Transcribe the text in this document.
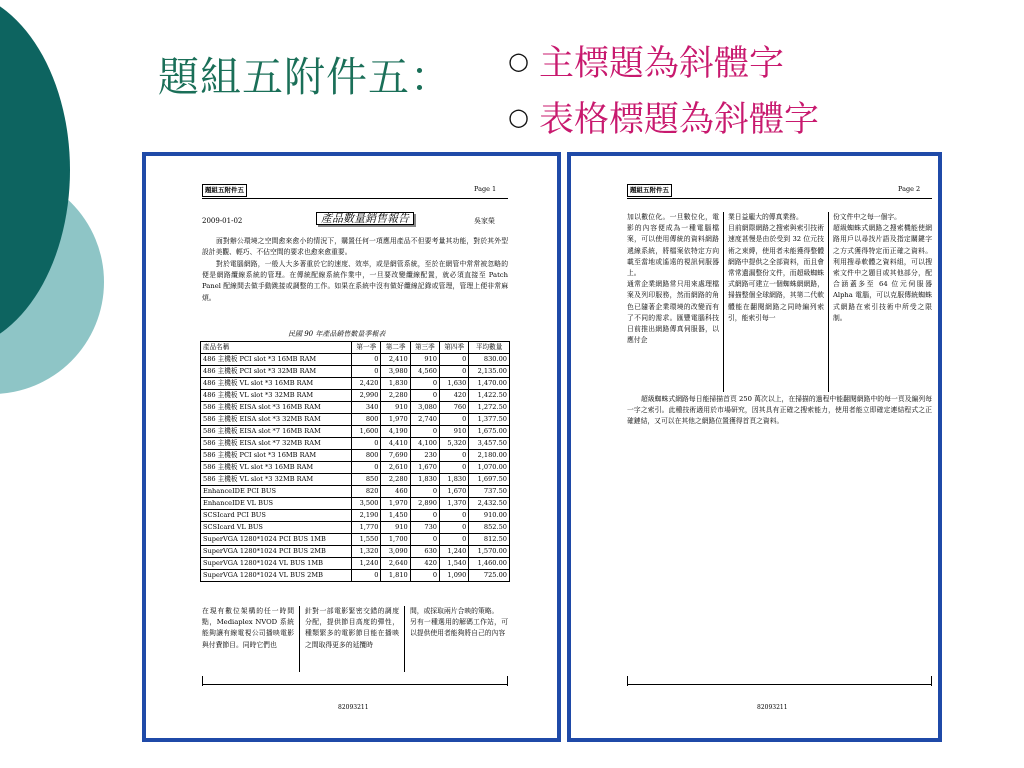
題組五附件五： ○ 主標題為斜體字
○ 表格標題為斜體字
題組五附件五	Page 1
2009-01-02	產品數量銷售報告	吳家榮
面對辦公環境之空間愈來愈小的情況下，購置任何一項應用產品不但要考量其功能，對於其外型設計美觀、輕巧、不佔空間的要求也愈來愈重要。
對於電腦網路，一般人大多著重於它的速度、效率，或是網管系統，至於在網管中常常被忽略的便是網路纜線系統的管理。在傳統配線系統作業中，一旦要改變纜線配置，就必須直接至 Patch Panel 配線間去做手動跳接或調整的工作。如果在系統中沒有做好纜線記錄或管理，管理上便非常麻煩。
民國 90 年產品銷售數量季報表
產品名稱	第一季	第二季	第三季	第四季	平均數量
486 主機板 PCI slot *3 16MB RAM	0	2,410	910	0	830.00
486 主機板 PCI slot *3 32MB RAM	0	3,980	4,560	0	2,135.00
486 主機板 VL slot *3 16MB RAM	2,420	1,830	0	1,630	1,470.00
486 主機板 VL slot *3 32MB RAM	2,990	2,280	0	420	1,422.50
586 主機板 EISA slot *3 16MB RAM	340	910	3,080	760	1,272.50
586 主機板 EISA slot *3 32MB RAM	800	1,970	2,740	0	1,377.50
586 主機板 EISA slot *7 16MB RAM	1,600	4,190	0	910	1,675.00
586 主機板 EISA slot *7 32MB RAM	0	4,410	4,100	5,320	3,457.50
586 主機板 PCI slot *3 16MB RAM	800	7,690	230	0	2,180.00
586 主機板 VL slot *3 16MB RAM	0	2,610	1,670	0	1,070.00
586 主機板 VL slot *3 32MB RAM	850	2,280	1,830	1,830	1,697.50
EnhanceIDE PCI BUS	820	460	0	1,670	737.50
EnhanceIDE VL BUS	3,500	1,970	2,890	1,370	2,432.50
SCSIcard PCI BUS	2,190	1,450	0	0	910.00
SCSIcard VL BUS	1,770	910	730	0	852.50
SuperVGA 1280*1024 PCI BUS 1MB	1,550	1,700	0	0	812.50
SuperVGA 1280*1024 PCI BUS 2MB	1,320	3,090	630	1,240	1,570.00
SuperVGA 1280*1024 VL BUS 1MB	1,240	2,640	420	1,540	1,460.00
SuperVGA 1280*1024 VL BUS 2MB	0	1,810	0	1,090	725.00
在現有數位架構的任一時間點，Mediaplex NVOD 系統能夠讓有線電視公司播映電影與付費節目。同時它們也
針對一部電影緊密交錯的調度分配，提供節目高度的彈性，種類繁多的電影節目能在播映之間取得更多的延攬時
間，或採取兩片合映的策略。
另有一種選用的解碼工作站，可以提供使用者能夠將自己的內容
82093211
題組五附件五	Page 2
加以數位化。一旦數位化，電影的內容便成為一種電腦檔案，可以使用傳統的資料網路遞線系統，將檔案依特定方向載至當地或遙遠的視訊伺服器上。
通常企業網路常只用來處理檔案及列印服務，然而網路的角色已隨著企業環境的改變而有了不同的需求。匯豐電腦科技日前推出網路傳真伺服器，以應付企
業日益龐大的傳真業務。
目前網際網路之搜索與索引技術速度甚慢是由於受到 32 位元技術之束縛，使用者未能獲得整體網路中提供之全部資料，而且會常常遺漏整份文件，而超級蜘蛛式網路可建立一個蜘蛛網網路，掃描整個全球網路，其第二代軟體能在翻閱網路之同時編列索引，能索引每一
份文件中之每一個字。
超級蜘蛛式網路之搜索機能使網路用戶以尋找片語及指定關鍵字之方式獲得特定而正確之資料。利用搜尋軟體之資料組，可以搜索文件中之題目或其他部分，配合涵蓋多至 64 位元伺服器 Alpha 電腦，可以克服傳統蜘蛛式網路在索引技術中所受之限制。
超級蜘蛛式網路每日能掃描首頁 250 萬次以上，在掃描的過程中能翻閱網路中的每一頁及編列每一字之索引。此種技術適用於市場研究，因其具有正確之搜索能力，使用者能立即確定連結程式之正確鏈結，又可以在其他之網路位置獲得首頁之資料。
82093211
